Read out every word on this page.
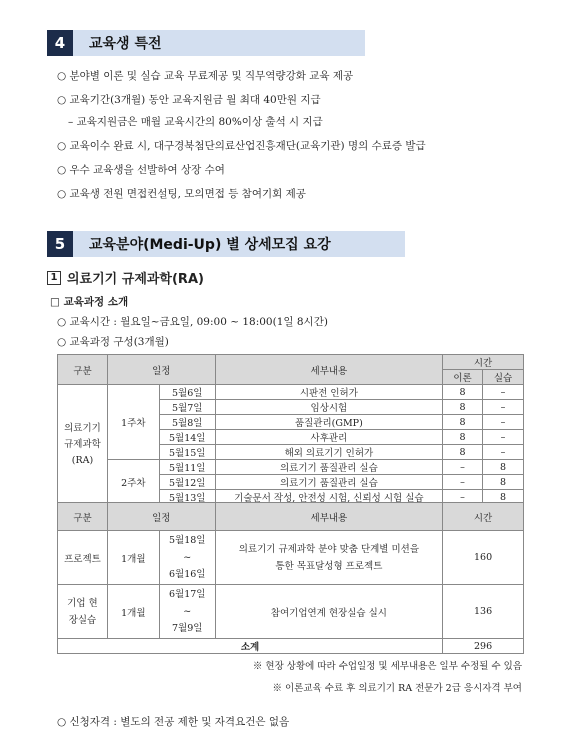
4	교육생 특전
○ 분야별 이론 및 실습 교육 무료제공 및 직무역량강화 교육 제공
○ 교육기간(3개월) 동안 교육지원금 월 최대 40만원 지급
– 교육지원금은 매월 교육시간의 80%이상 출석 시 지급
○ 교육이수 완료 시, 대구경북첨단의료산업진흥재단(교육기관) 명의 수료증 발급
○ 우수 교육생을 선발하여 상장 수여
○ 교육생 전원 면접컨설팅, 모의면접 등 참여기회 제공
5	교육분야(Medi-Up) 별 상세모집 요강
1 의료기기 규제과학(RA)
□ 교육과정 소개
○ 교육시간 : 월요일~금요일, 09:00 ~ 18:00(1일 8시간)
○ 교육과정 구성(3개월)
구분	일정		세부내용	시간	
				이론	실습
의료기기 규제과학 (RA)	1주차	5월6일	시판전 인허가	8	–
		5월7일	임상시험	8	–
		5월8일	품질관리(GMP)	8	–
		5월14일	사후관리	8	–
		5월15일	해외 의료기기 인허가	8	–
	2주차	5월11일	의료기기 품질관리 실습	–	8
		5월12일	의료기기 품질관리 실습	–	8
		5월13일	기술문서 작성, 안전성 시험, 신뢰성 시험 실습	–	8
소계				40	24
구분	일정		세부내용	시간
프로젝트	1개월	5월18일
~
6월16일	의료기기 규제과학 분야 맞춤 단계별 미션을 통한 목표달성형 프로젝트	160
기업 현장실습	1개월	6월17일
~
7월9일	참여기업연계 현장실습 실시	136
소계				296
※ 현장 상황에 따라 수업일정 및 세부내용은 일부 수정될 수 있음
※ 이론교육 수료 후 의료기기 RA 전문가 2급 응시자격 부여
○ 신청자격 : 별도의 전공 제한 및 자격요건은 없음
